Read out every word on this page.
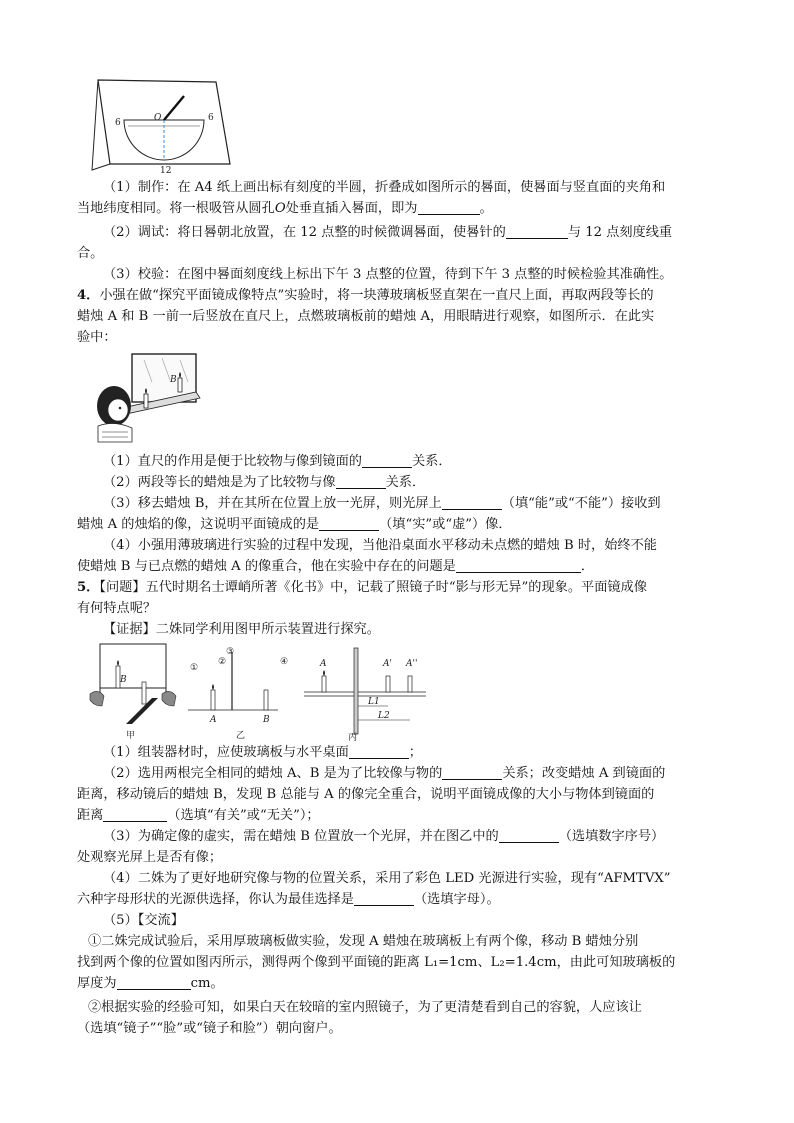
O
6	6
12
（1）制作：在 A4 纸上画出标有刻度的半圆，折叠成如图所示的晷面，使晷面与竖直面的夹角和
当地纬度相同。将一根吸管从圆孔O处垂直插入晷面，即为	。
（2）调试：将日晷朝北放置，在 12 点整的时候微调晷面，使晷针的	与 12 点刻度线重
合。
（3）校验：在图中晷面刻度线上标出下午 3 点整的位置，待到下午 3 点整的时候检验其准确性。
4．小强在做“探究平面镜成像特点”实验时，将一块薄玻璃板竖直架在一直尺上面，再取两段等长的
蜡烛 A 和 B 一前一后竖放在直尺上，点燃玻璃板前的蜡烛 A，用眼睛进行观察，如图所示．在此实
验中：
B
（1）直尺的作用是便于比较物与像到镜面的	关系．
（2）两段等长的蜡烛是为了比较物与像	关系．
（3）移去蜡烛 B，并在其所在位置上放一光屏，则光屏上	（填“能”或“不能”）接收到
蜡烛 A 的烛焰的像，这说明平面镜成的是	（填“实”或“虚”）像．
（4）小强用薄玻璃进行实验的过程中发现，当他沿桌面水平移动未点燃的蜡烛 B 时，始终不能
使蜡烛 B 与已点燃的蜡烛 A 的像重合，他在实验中存在的问题是	．
5．【问题】五代时期名士谭峭所著《化书》中，记载了照镜子时“影与形无异”的现象。平面镜成像
有何特点呢？
【证据】二姝同学利用图甲所示装置进行探究。
B
甲
A	B
①
②
③
④
乙
A	A' A''
L1
L2
丙
（1）组装器材时，应使玻璃板与水平桌面	；
（2）选用两根完全相同的蜡烛 A、B 是为了比较像与物的	关系；改变蜡烛 A 到镜面的
距离，移动镜后的蜡烛 B，发现 B 总能与 A 的像完全重合，说明平面镜成像的大小与物体到镜面的
距离	（选填“有关”或“无关”）；
（3）为确定像的虚实，需在蜡烛 B 位置放一个光屏，并在图乙中的	（选填数字序号）
处观察光屏上是否有像；
（4）二姝为了更好地研究像与物的位置关系，采用了彩色 LED 光源进行实验，现有“AFMTVX”
六种字母形状的光源供选择，你认为最佳选择是	（选填字母）。
（5）【交流】
①二姝完成试验后，采用厚玻璃板做实验，发现 A 蜡烛在玻璃板上有两个像，移动 B 蜡烛分别
找到两个像的位置如图丙所示，测得两个像到平面镜的距离 L₁=1cm、L₂=1.4cm，由此可知玻璃板的
厚度为	cm。
②根据实验的经验可知，如果白天在较暗的室内照镜子，为了更清楚看到自己的容貌，人应该让
（选填“镜子”“脸”或“镜子和脸”）朝向窗户。
